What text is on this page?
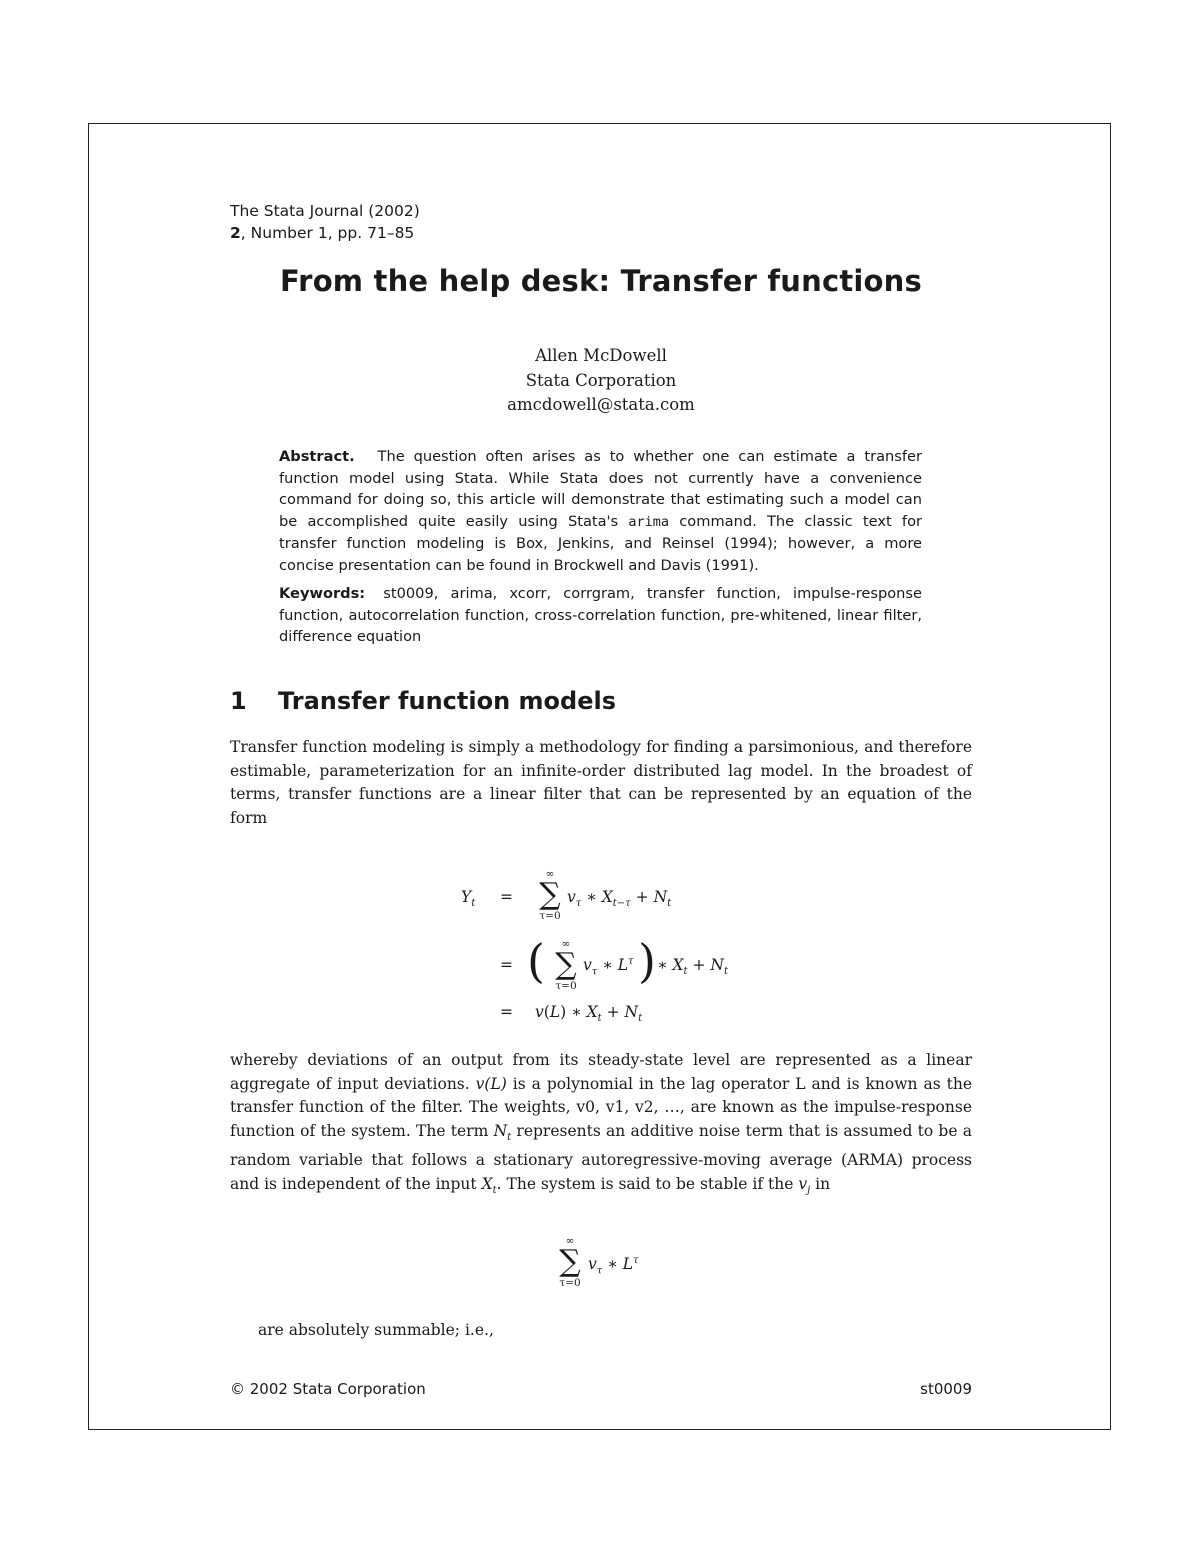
The Stata Journal (2002)
2, Number 1, pp. 71–85
From the help desk: Transfer functions
Allen McDowell
Stata Corporation
amcdowell@stata.com

Abstract. The question often arises as to whether one can estimate a transfer function model using Stata. While Stata does not currently have a convenience command for doing so, this article will demonstrate that estimating such a model can be accomplished quite easily using Stata's arima command. The classic text for transfer function modeling is Box, Jenkins, and Reinsel (1994); however, a more concise presentation can be found in Brockwell and Davis (1991).

Keywords: st0009, arima, xcorr, corrgram, transfer function, impulse-response function, autocorrelation function, cross-correlation function, pre-whitened, linear filter, difference equation

1 Transfer function models
Transfer function modeling is simply a methodology for finding a parsimonious, and therefore estimable, parameterization for an infinite-order distributed lag model. In the broadest of terms, transfer functions are a linear filter that can be represented by an equation of the form
$Y_t$ =
∞
∑
τ=0
$v_\tau$ ∗ $X_{t-\tau} + N_t$
= (	∞
∑
τ=0
$v_\tau$ ∗ $L^\tau$ ) ∗ $X_t + N_t$
= v(L) ∗ $X_t + N_t$
whereby deviations of an output from its steady-state level are represented as a linear aggregate of input deviations. v(L) is a polynomial in the lag operator L and is known as the transfer function of the filter. The weights, v0, v1, v2, …, are known as the impulse-response function of the system. The term $N_t$ represents an additive noise term that is assumed to be a random variable that follows a stationary autoregressive-moving average (ARMA) process and is independent of the input $X_t$. The system is said to be stable if the $v_j$ in
∞
∑
τ=0
$v_\tau$ ∗ $L^\tau$
are absolutely summable; i.e.,
© 2002 Stata Corporation	st0009
